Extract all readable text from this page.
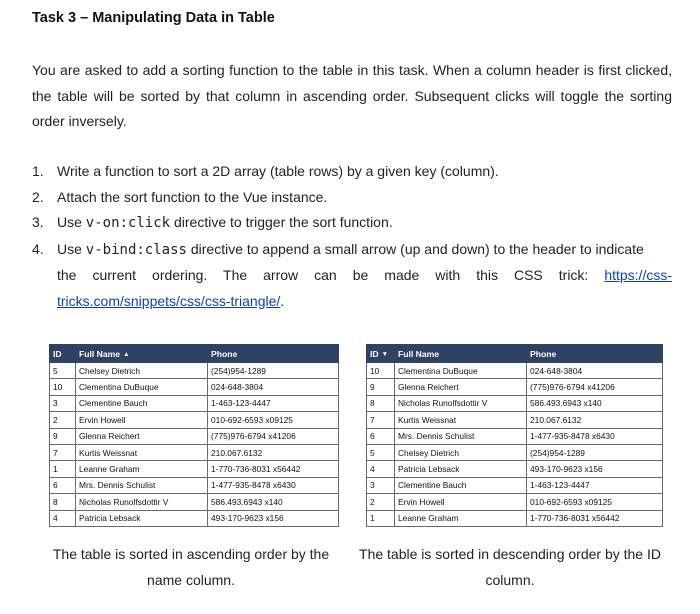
Task 3 – Manipulating Data in Table

You are asked to add a sorting function to the table in this task. When a column header is first clicked, the table will be sorted by that column in ascending order. Subsequent clicks will toggle the sorting order inversely.

1. Write a function to sort a 2D array (table rows) by a given key (column).
2. Attach the sort function to the Vue instance.
3. Use v-on:click directive to trigger the sort function.
4. Use v-bind:class directive to append a small arrow (up and down) to the header to indicate
the current ordering. The arrow can be made with this CSS trick: https://css-
tricks.com/snippets/css/css-triangle/.
ID	Full Name ▲	Phone
5	Chelsey Dietrich	(254)954-1289
10	Clementina DuBuque	024-648-3804
3	Clementine Bauch	1-463-123-4447
2	Ervin Howell	010-692-6593 x09125
9	Glenna Reichert	(775)976-6794 x41206
7	Kurtis Weissnat	210.067.6132
1	Leanne Graham	1-770-736-8031 x56442
6	Mrs. Dennis Schulist	1-477-935-8478 x6430
8	Nicholas Runolfsdottir V	586.493.6943 x140
4	Patricia Lebsack	493-170-9623 x156
ID ▼	Full Name	Phone
10	Clementina DuBuque	024-648-3804
9	Glenna Reichert	(775)976-6794 x41206
8	Nicholas Runolfsdottir V	586.493.6943 x140
7	Kurtis Weissnat	210.067.6132
6	Mrs. Dennis Schulist	1-477-935-8478 x6430
5	Chelsey Dietrich	(254)954-1289
4	Patricia Lebsack	493-170-9623 x156
3	Clementine Bauch	1-463-123-4447
2	Ervin Howell	010-692-6593 x09125
1	Leanne Graham	1-770-736-8031 x56442
The table is sorted in ascending order by the
name column.
The table is sorted in descending order by the ID
column.
